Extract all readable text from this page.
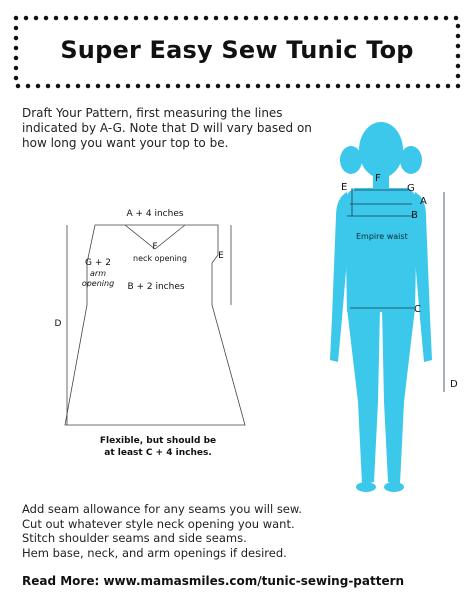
Super Easy Sew Tunic Top
Draft Your Pattern, first measuring the lines indicated by A-G. Note that D will vary based on how long you want your top to be.
A + 4 inches
F
neck opening
G + 2
arm
opening	B + 2 inches
E
D
Flexible, but should be
at least C + 4 inches.
E
F
G
A
B
Empire waist
C
D
Add seam allowance for any seams you will sew.
Cut out whatever style neck opening you want.
Stitch shoulder seams and side seams.
Hem base, neck, and arm openings if desired.
Read More: www.mamasmiles.com/tunic-sewing-pattern
